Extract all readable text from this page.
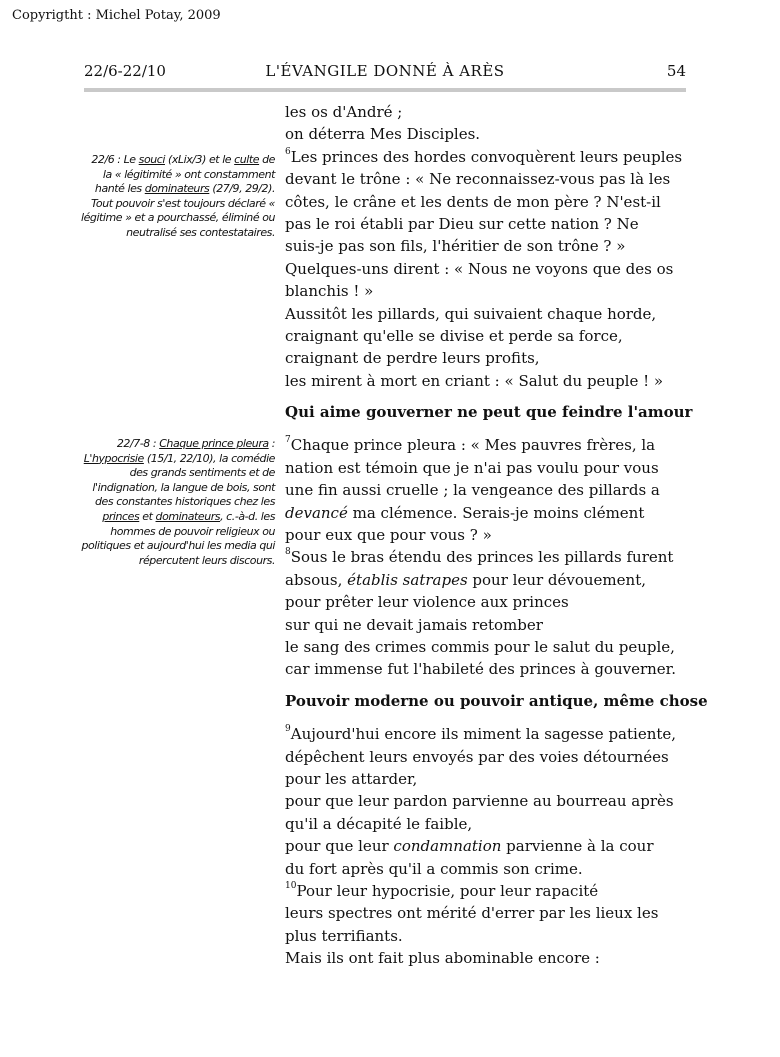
Copyrigtht : Michel Potay, 2009
22/6-22/10	L'ÉVANGILE DONNÉ À ARÈS	54
22/6 : Le souci (xLix/3) et le culte de la « légitimité » ont constamment hanté les dominateurs (27/9, 29/2). Tout pouvoir s'est toujours déclaré « légitime » et a pourchassé, éliminé ou neutralisé ses contestataires.
22/7-8 : Chaque prince pleura : L'hypocrisie (15/1, 22/10), la comédie des grands sentiments et de l'indignation, la langue de bois, sont des constantes historiques chez les princes et dominateurs, c.-à-d. les hommes de pouvoir religieux ou politiques et aujourd'hui les media qui répercutent leurs discours.
les os d'André ;
on déterra Mes Disciples.
$^6$Les princes des hordes convoquèrent leurs peuples
devant le trône : « Ne reconnaissez-vous pas là les
côtes, le crâne et les dents de mon père ? N'est-il
pas le roi établi par Dieu sur cette nation ? Ne
suis-je pas son fils, l'héritier de son trône ? »
Quelques-uns dirent : « Nous ne voyons que des os
blanchis ! »
Aussitôt les pillards, qui suivaient chaque horde,
craignant qu'elle se divise et perde sa force,
craignant de perdre leurs profits,
les mirent à mort en criant : « Salut du peuple ! »
Qui aime gouverner ne peut que feindre l'amour
$^7$Chaque prince pleura : « Mes pauvres frères, la
nation est témoin que je n'ai pas voulu pour vous
une fin aussi cruelle ; la vengeance des pillards a
devancé ma clémence. Serais-je moins clément
pour eux que pour vous ? »
$^8$Sous le bras étendu des princes les pillards furent
absous, établis satrapes pour leur dévouement,
pour prêter leur violence aux princes
sur qui ne devait jamais retomber
le sang des crimes commis pour le salut du peuple,
car immense fut l'habileté des princes à gouverner.
Pouvoir moderne ou pouvoir antique, même chose
$^9$Aujourd'hui encore ils miment la sagesse patiente,
dépêchent leurs envoyés par des voies détournées
pour les attarder,
pour que leur pardon parvienne au bourreau après
qu'il a décapité le faible,
pour que leur condamnation parvienne à la cour
du fort après qu'il a commis son crime.
$^{10}$Pour leur hypocrisie, pour leur rapacité
leurs spectres ont mérité d'errer par les lieux les
plus terrifiants.
Mais ils ont fait plus abominable encore :
